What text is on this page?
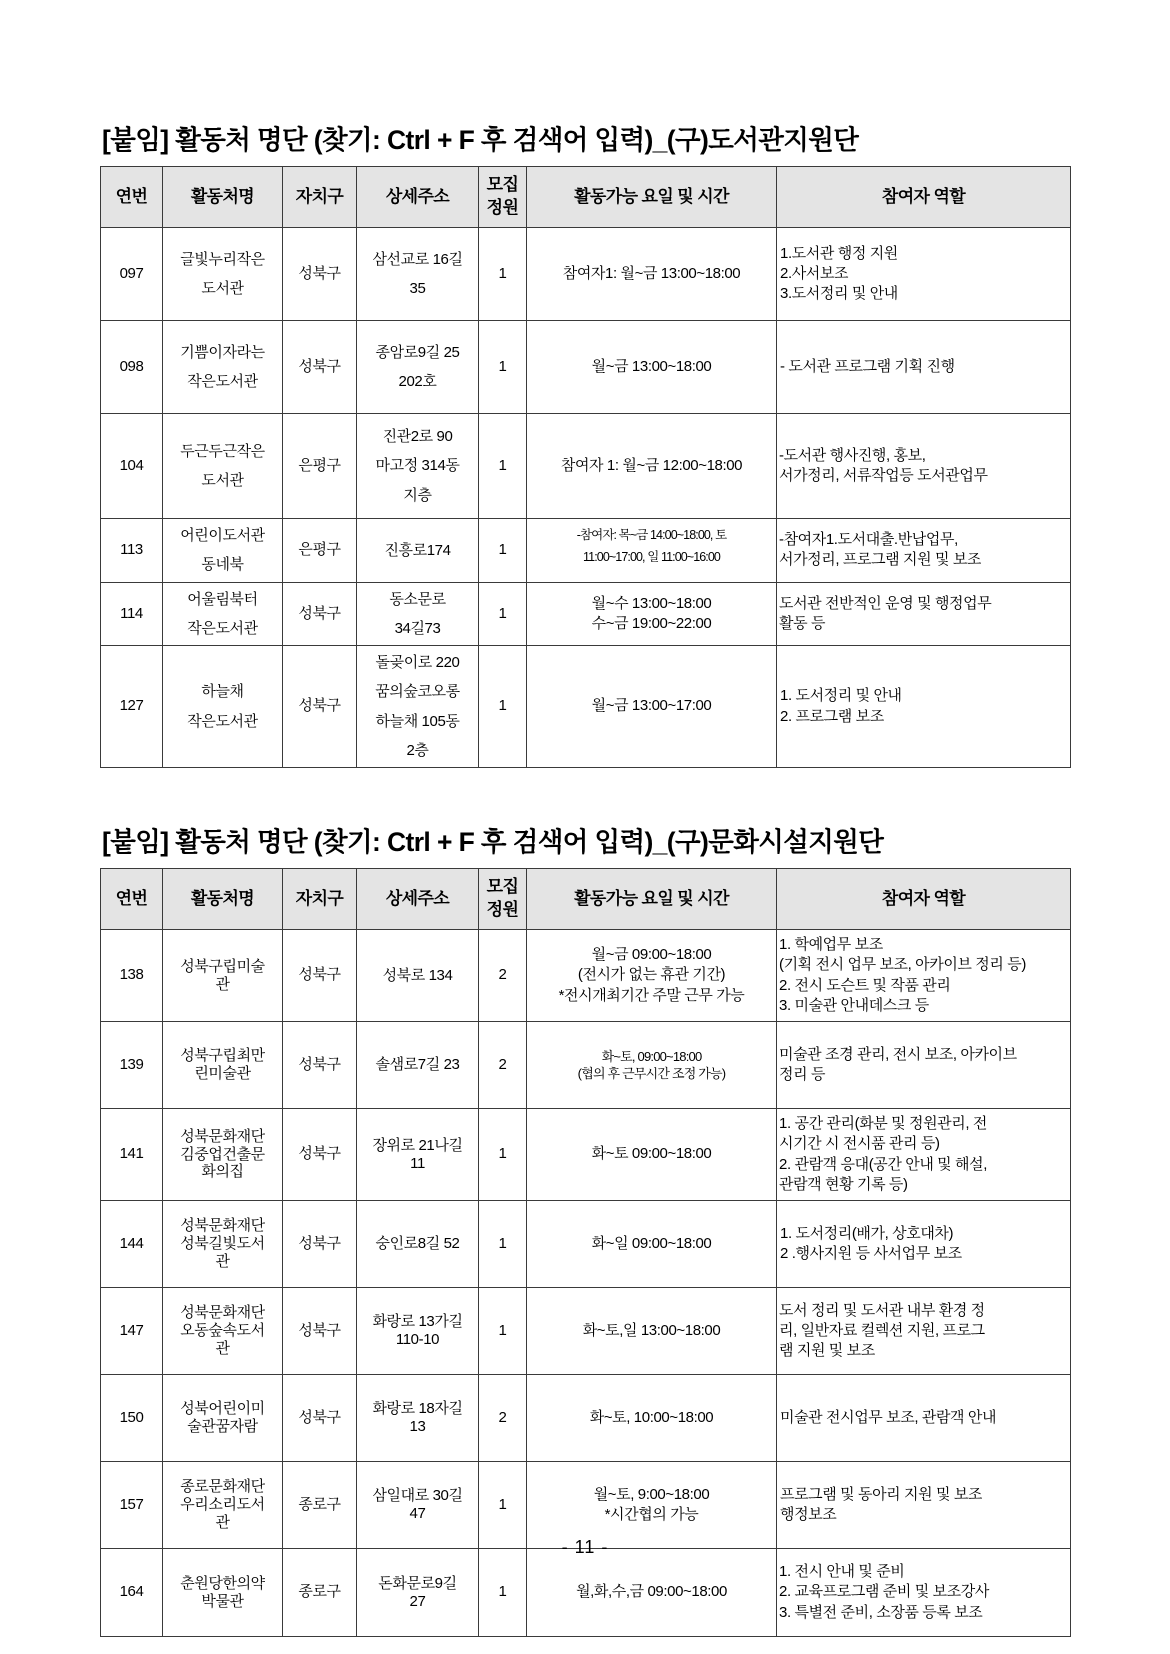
[붙임] 활동처 명단 (찾기: Ctrl + F 후 검색어 입력)_(구)도서관지원단
연번	활동처명	자치구	상세주소	모집 정원	활동가능 요일 및 시간	참여자 역할
097	글빛누리작은
도서관	성북구	삼선교로 16길
35	1	참여자1: 월~금 13:00~18:00	1.도서관 행정 지원
2.사서보조
3.도서정리 및 안내

098	기쁨이자라는
작은도서관	성북구	종암로9길 25
202호	1	월~금 13:00~18:00	- 도서관 프로그램 기획 진행

104	두근두근작은
도서관	은평구	진관2로 90
마고정 314동
지층	1	참여자 1: 월~금 12:00~18:00	-도서관 행사진행, 홍보,
서가정리, 서류작업등 도서관업무

113	어린이도서관
동네북	은평구	진흥로174	1	-참여자: 목~금 14:00~18:00, 토
11:00~17:00, 일 11:00~16:00	-참여자1.도서대출.반납업무,
서가정리, 프로그램 지원 및 보조

114	어울림북터
작은도서관	성북구	동소문로
34길73	1	월~수 13:00~18:00
수~금 19:00~22:00	도서관 전반적인 운영 및 행정업무
활동 등

127	하늘채
작은도서관	성북구	돌곶이로 220
꿈의숲코오롱
하늘채 105동
2층	1	월~금 13:00~17:00	1. 도서정리 및 안내
2. 프로그램 보조
[붙임] 활동처 명단 (찾기: Ctrl + F 후 검색어 입력)_(구)문화시설지원단
연번	활동처명	자치구	상세주소	모집 정원	활동가능 요일 및 시간	참여자 역할
138	성북구립미술
관	성북구	성북로 134	2	월~금 09:00~18:00
(전시가 없는 휴관 기간)
*전시개최기간 주말 근무 가능	1. 학예업무 보조
(기획 전시 업무 보조, 아카이브 정리 등)
2. 전시 도슨트 및 작품 관리
3. 미술관 안내데스크 등

139	성북구립최만
린미술관	성북구	솔샘로7길 23	2	화~토, 09:00~18:00
(협의 후 근무시간 조정 가능)	미술관 조경 관리, 전시 보조, 아카이브
정리 등

141	성북문화재단
김중업건출문
화의집	성북구	장위로 21나길
11	1	화~토 09:00~18:00	1. 공간 관리(화분 및 정원관리, 전
시기간 시 전시품 관리 등)
2. 관람객 응대(공간 안내 및 해설,
관람객 현황 기록 등)

144	성북문화재단
성북길빛도서
관	성북구	숭인로8길 52	1	화~일 09:00~18:00	1. 도서정리(배가, 상호대차)
2 .행사지원 등 사서업무 보조

147	성북문화재단
오동숲속도서
관	성북구	화랑로 13가길
110-10	1	화~토,일 13:00~18:00	도서 정리 및 도서관 내부 환경 정
리, 일반자료 컬렉션 지원, 프로그
램 지원 및 보조

150	성북어린이미
술관꿈자람	성북구	화랑로 18자길
13	2	화~토, 10:00~18:00	미술관 전시업무 보조, 관람객 안내

157	종로문화재단
우리소리도서
관	종로구	삼일대로 30길
47	1	월~토, 9:00~18:00
*시간협의 가능	프로그램 및 동아리 지원 및 보조
행정보조

164	춘원당한의약
박물관	종로구	돈화문로9길
27	1	월,화,수,금 09:00~18:00	1. 전시 안내 및 준비
2. 교육프로그램 준비 및 보조강사
3. 특별전 준비, 소장품 등록 보조
- 11 -
